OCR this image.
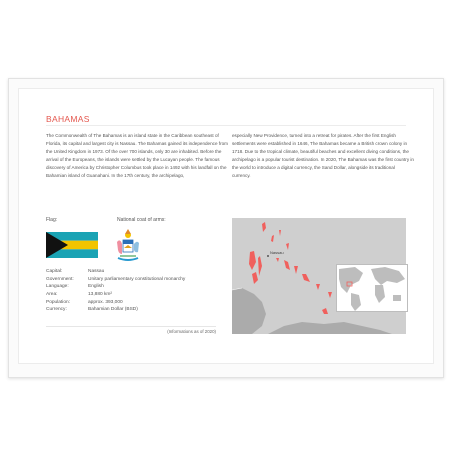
BAHAMAS
The Commonwealth of The Bahamas is an island state in the Caribbean southeast of Florida, its capital and largest city is Nassau. The Bahamas gained its independence from the United Kingdom in 1973. Of the over 700 islands, only 30 are inhabited. Before the arrival of the Europeans, the islands were settled by the Lucayan people. The famous discovery of America by Christopher Columbus took place in 1492 with his landfall on the Bahamian island of Guanahani. In the 17th century, the archipelago,
especially New Providence, turned into a retreat for pirates. After the first English settlements were established in 1646, The Bahamas became a British crown colony in 1718. Due to the tropical climate, beautiful beaches and excellent diving conditions, the archipelago is a popular tourist destination. In 2020, The Bahamas was the first country in the world to introduce a digital currency, the Sand Dollar, alongside its traditional currency.
Flag:	National coat of arms:
Capital:	Nassau
Government:	Unitary parliamentary constitutional monarchy
Language:	English
Area:	13,880 km²
Population:	approx. 393,000
Currency:	Bahamian Dollar (BSD)
(Informations as of 2020)
Nassau
